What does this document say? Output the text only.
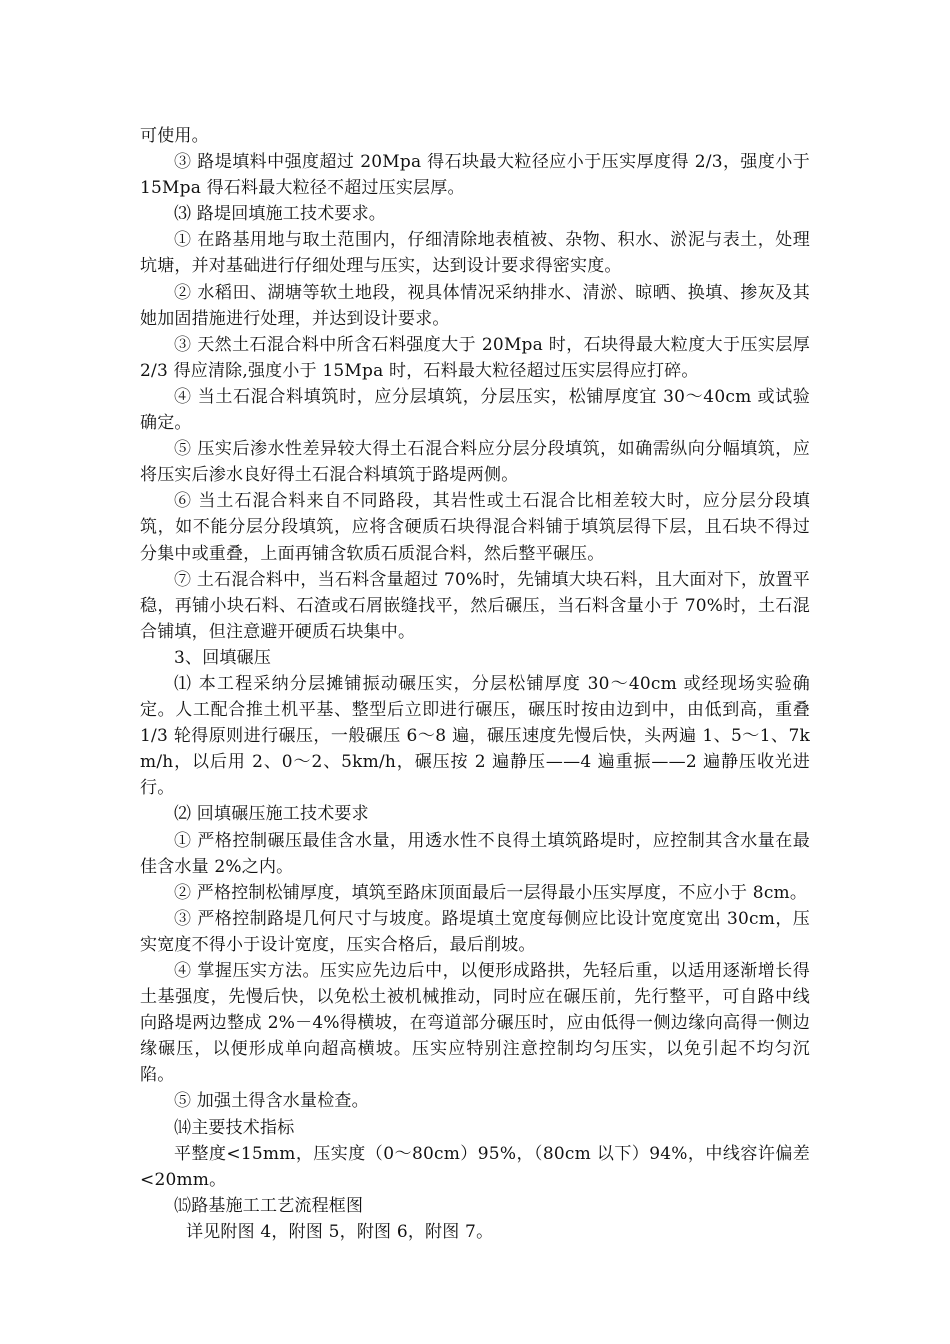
可使用。

③ 路堤填料中强度超过 20Mpa 得石块最大粒径应小于压实厚度得 2/3，强度小于 15Mpa 得石料最大粒径不超过压实层厚。

⑶ 路堤回填施工技术要求。

① 在路基用地与取土范围内，仔细清除地表植被、杂物、积水、淤泥与表土，处理坑塘，并对基础进行仔细处理与压实，达到设计要求得密实度。

② 水稻田、湖塘等软土地段，视具体情况采纳排水、清淤、晾晒、换填、掺灰及其她加固措施进行处理，并达到设计要求。

③ 天然土石混合料中所含石料强度大于 20Mpa 时，石块得最大粒度大于压实层厚 2/3 得应清除,强度小于 15Mpa 时，石料最大粒径超过压实层得应打碎。

④ 当土石混合料填筑时，应分层填筑，分层压实，松铺厚度宜 30～40cm 或试验确定。

⑤ 压实后渗水性差异较大得土石混合料应分层分段填筑，如确需纵向分幅填筑，应将压实后渗水良好得土石混合料填筑于路堤两侧。

⑥ 当土石混合料来自不同路段，其岩性或土石混合比相差较大时，应分层分段填筑，如不能分层分段填筑，应将含硬质石块得混合料铺于填筑层得下层，且石块不得过分集中或重叠，上面再铺含软质石质混合料，然后整平碾压。

⑦ 土石混合料中，当石料含量超过 70%时，先铺填大块石料，且大面对下，放置平稳，再铺小块石料、石渣或石屑嵌缝找平，然后碾压，当石料含量小于 70%时，土石混合铺填，但注意避开硬质石块集中。

3、回填碾压

⑴ 本工程采纳分层摊铺振动碾压实，分层松铺厚度 30～40cm 或经现场实验确定。人工配合推土机平基、整型后立即进行碾压，碾压时按由边到中，由低到高，重叠 1/3 轮得原则进行碾压，一般碾压 6～8 遍，碾压速度先慢后快，头两遍 1、5～1、7km/h，以后用 2、0～2、5km/h，碾压按 2 遍静压——4 遍重振——2 遍静压收光进行。

⑵ 回填碾压施工技术要求

① 严格控制碾压最佳含水量，用透水性不良得土填筑路堤时，应控制其含水量在最佳含水量 2%之内。

② 严格控制松铺厚度，填筑至路床顶面最后一层得最小压实厚度，不应小于 8cm。

③ 严格控制路堤几何尺寸与坡度。路堤填土宽度每侧应比设计宽度宽出 30cm，压实宽度不得小于设计宽度，压实合格后，最后削坡。

④ 掌握压实方法。压实应先边后中，以便形成路拱，先轻后重，以适用逐渐增长得土基强度，先慢后快，以免松土被机械推动，同时应在碾压前，先行整平，可自路中线向路堤两边整成 2%－4%得横坡，在弯道部分碾压时，应由低得一侧边缘向高得一侧边缘碾压，以便形成单向超高横坡。压实应特别注意控制均匀压实，以免引起不均匀沉陷。

⑤ 加强土得含水量检查。

⒁主要技术指标

平整度<15mm，压实度（0～80cm）95%，（80cm 以下）94%，中线容许偏差<20mm。

⒂路基施工工艺流程框图

详见附图 4，附图 5，附图 6，附图 7。
